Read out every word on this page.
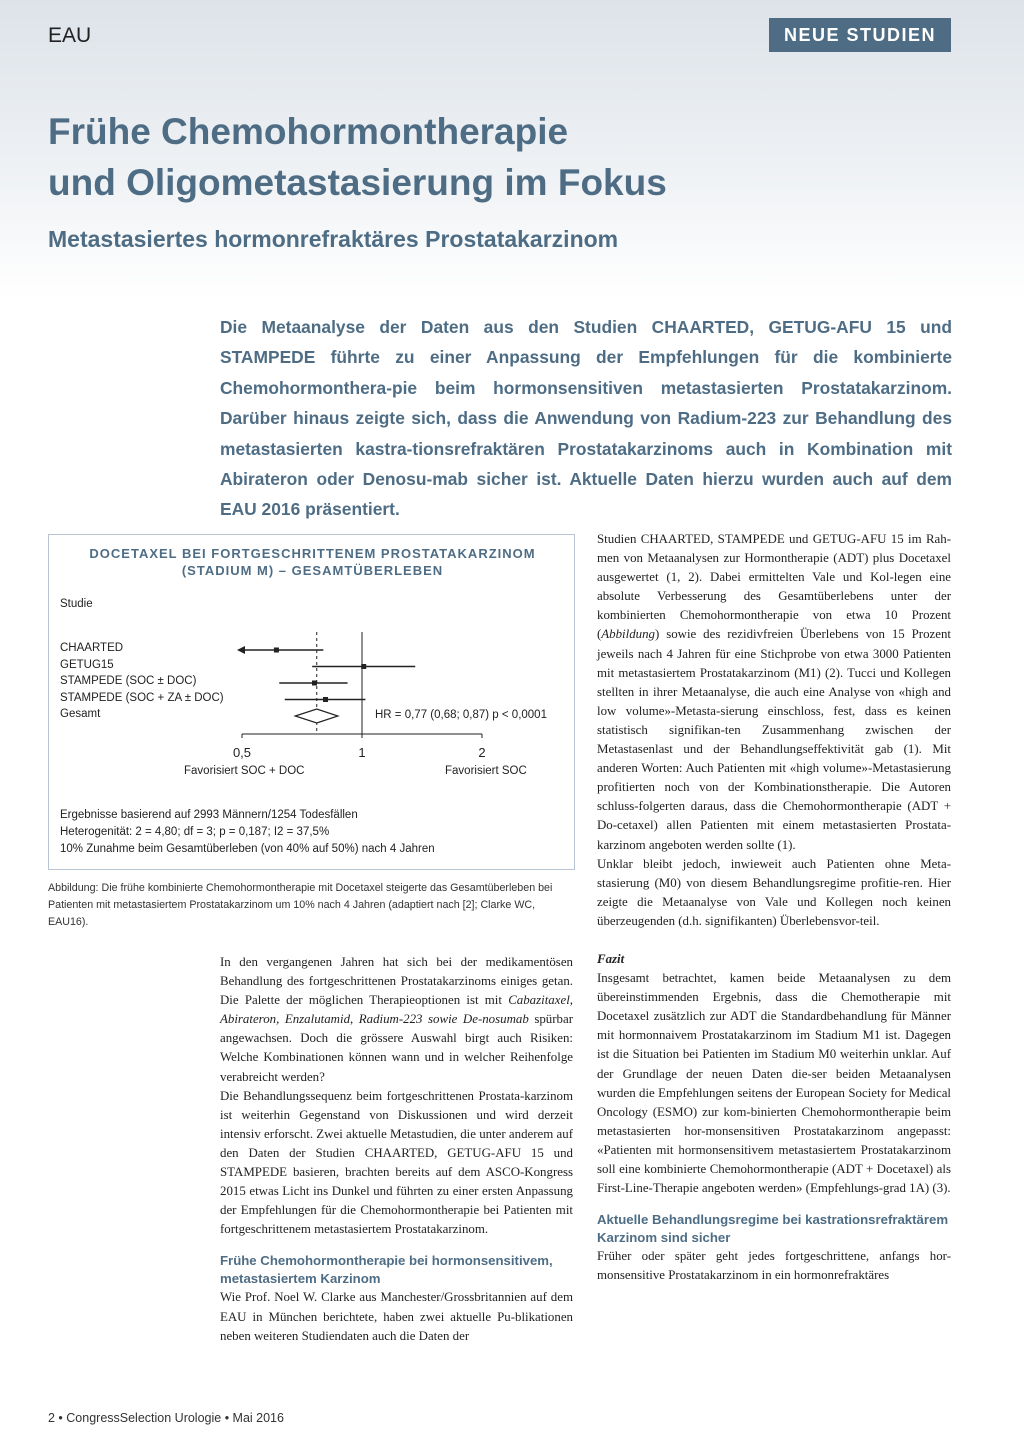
EAU	NEUE STUDIEN
Frühe Chemohormontherapie
und Oligometastasierung im Fokus
Metastasiertes hormonrefraktäres Prostatakarzinom

Die Metaanalyse der Daten aus den Studien CHAARTED, GETUG-AFU 15 und STAMPEDE führte zu einer Anpassung der Empfehlungen für die kombinierte Chemohormonthera-pie beim hormonsensitiven metastasierten Prostatakarzinom. Darüber hinaus zeigte sich, dass die Anwendung von Radium-223 zur Behandlung des metastasierten kastra-tionsrefraktären Prostatakarzinoms auch in Kombination mit Abirateron oder Denosu-mab sicher ist. Aktuelle Daten hierzu wurden auch auf dem EAU 2016 präsentiert.

DOCETAXEL BEI FORTGESCHRITTENEM PROSTATAKARZINOM
(STADIUM M) – GESAMTÜBERLEBEN
Studie
CHAARTED
GETUG15
STAMPEDE (SOC ± DOC)
STAMPEDE (SOC + ZA ± DOC)
Gesamt
0,5	1	2
HR = 0,77 (0,68; 0,87) p < 0,0001
Favorisiert SOC + DOC	Favorisiert SOC
Ergebnisse basierend auf 2993 Männern/1254 Todesfällen
Heterogenität: 2 = 4,80; df = 3; p = 0,187; I2 = 37,5%
10% Zunahme beim Gesamtüberleben (von 40% auf 50%) nach 4 Jahren

Abbildung: Die frühe kombinierte Chemohormontherapie mit Docetaxel steigerte das Gesamtüberleben bei Patienten mit metastasiertem Prostatakarzinom um 10% nach 4 Jahren (adaptiert nach [2]; Clarke WC, EAU16).

In den vergangenen Jahren hat sich bei der medikamentösen Behandlung des fortgeschrittenen Prostatakarzinoms einiges getan. Die Palette der möglichen Therapieoptionen ist mit Cabazitaxel, Abirateron, Enzalutamid, Radium-223 sowie De-nosumab spürbar angewachsen. Doch die grössere Auswahl birgt auch Risiken: Welche Kombinationen können wann und in welcher Reihenfolge verabreicht werden?

Die Behandlungssequenz beim fortgeschrittenen Prostata-karzinom ist weiterhin Gegenstand von Diskussionen und wird derzeit intensiv erforscht. Zwei aktuelle Metastudien, die unter anderem auf den Daten der Studien CHAARTED, GETUG-AFU 15 und STAMPEDE basieren, brachten bereits auf dem ASCO-Kongress 2015 etwas Licht ins Dunkel und führten zu einer ersten Anpassung der Empfehlungen für die Chemohormontherapie bei Patienten mit fortgeschrittenem metastasiertem Prostatakarzinom.

Frühe Chemohormontherapie bei hormonsensitivem, metastasiertem Karzinom

Wie Prof. Noel W. Clarke aus Manchester/Grossbritannien auf dem EAU in München berichtete, haben zwei aktuelle Pu-blikationen neben weiteren Studiendaten auch die Daten der

Studien CHAARTED, STAMPEDE und GETUG-AFU 15 im Rah-men von Metaanalysen zur Hormontherapie (ADT) plus Docetaxel ausgewertet (1, 2). Dabei ermittelten Vale und Kol-legen eine absolute Verbesserung des Gesamtüberlebens unter der kombinierten Chemohormontherapie von etwa 10 Prozent (Abbildung) sowie des rezidivfreien Überlebens von 15 Prozent jeweils nach 4 Jahren für eine Stichprobe von etwa 3000 Patienten mit metastasiertem Prostatakarzinom (M1) (2). Tucci und Kollegen stellten in ihrer Metaanalyse, die auch eine Analyse von «high and low volume»-Metasta-sierung einschloss, fest, dass es keinen statistisch signifikan-ten Zusammenhang zwischen der Metastasenlast und der Behandlungseffektivität gab (1). Mit anderen Worten: Auch Patienten mit «high volume»-Metastasierung profitierten noch von der Kombinationstherapie. Die Autoren schluss-folgerten daraus, dass die Chemohormontherapie (ADT + Do-cetaxel) allen Patienten mit einem metastasierten Prostata-karzinom angeboten werden sollte (1).

Unklar bleibt jedoch, inwieweit auch Patienten ohne Meta-stasierung (M0) von diesem Behandlungsregime profitie-ren. Hier zeigte die Metaanalyse von Vale und Kollegen noch keinen überzeugenden (d.h. signifikanten) Überlebensvor-teil.

Fazit

Insgesamt betrachtet, kamen beide Metaanalysen zu dem übereinstimmenden Ergebnis, dass die Chemotherapie mit Docetaxel zusätzlich zur ADT die Standardbehandlung für Männer mit hormonnaivem Prostatakarzinom im Stadium M1 ist. Dagegen ist die Situation bei Patienten im Stadium M0 weiterhin unklar. Auf der Grundlage der neuen Daten die-ser beiden Metaanalysen wurden die Empfehlungen seitens der European Society for Medical Oncology (ESMO) zur kom-binierten Chemohormontherapie beim metastasierten hor-monsensitiven Prostatakarzinom angepasst: «Patienten mit hormonsensitivem metastasiertem Prostatakarzinom soll eine kombinierte Chemohormontherapie (ADT + Docetaxel) als First-Line-Therapie angeboten werden» (Empfehlungs-grad 1A) (3).

Aktuelle Behandlungsregime bei kastrationsrefraktärem Karzinom sind sicher

Früher oder später geht jedes fortgeschrittene, anfangs hor-monsensitive Prostatakarzinom in ein hormonrefraktäres

2 • CongressSelection Urologie • Mai 2016
